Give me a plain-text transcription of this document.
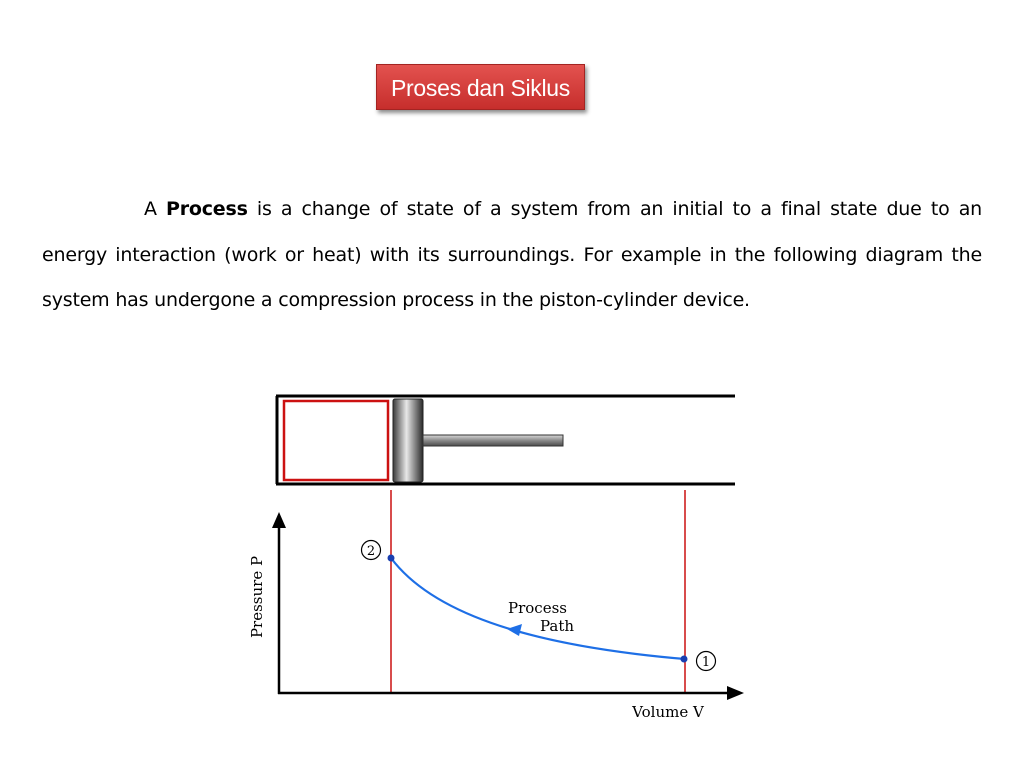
Proses dan Siklus
A Process is a change of state of a system from an initial to a final state due to an energy interaction (work or heat) with its surroundings. For example in the following diagram the system has undergone a compression process in the piston-cylinder device.
2
1
Process
Path
Pressure P
Volume V
